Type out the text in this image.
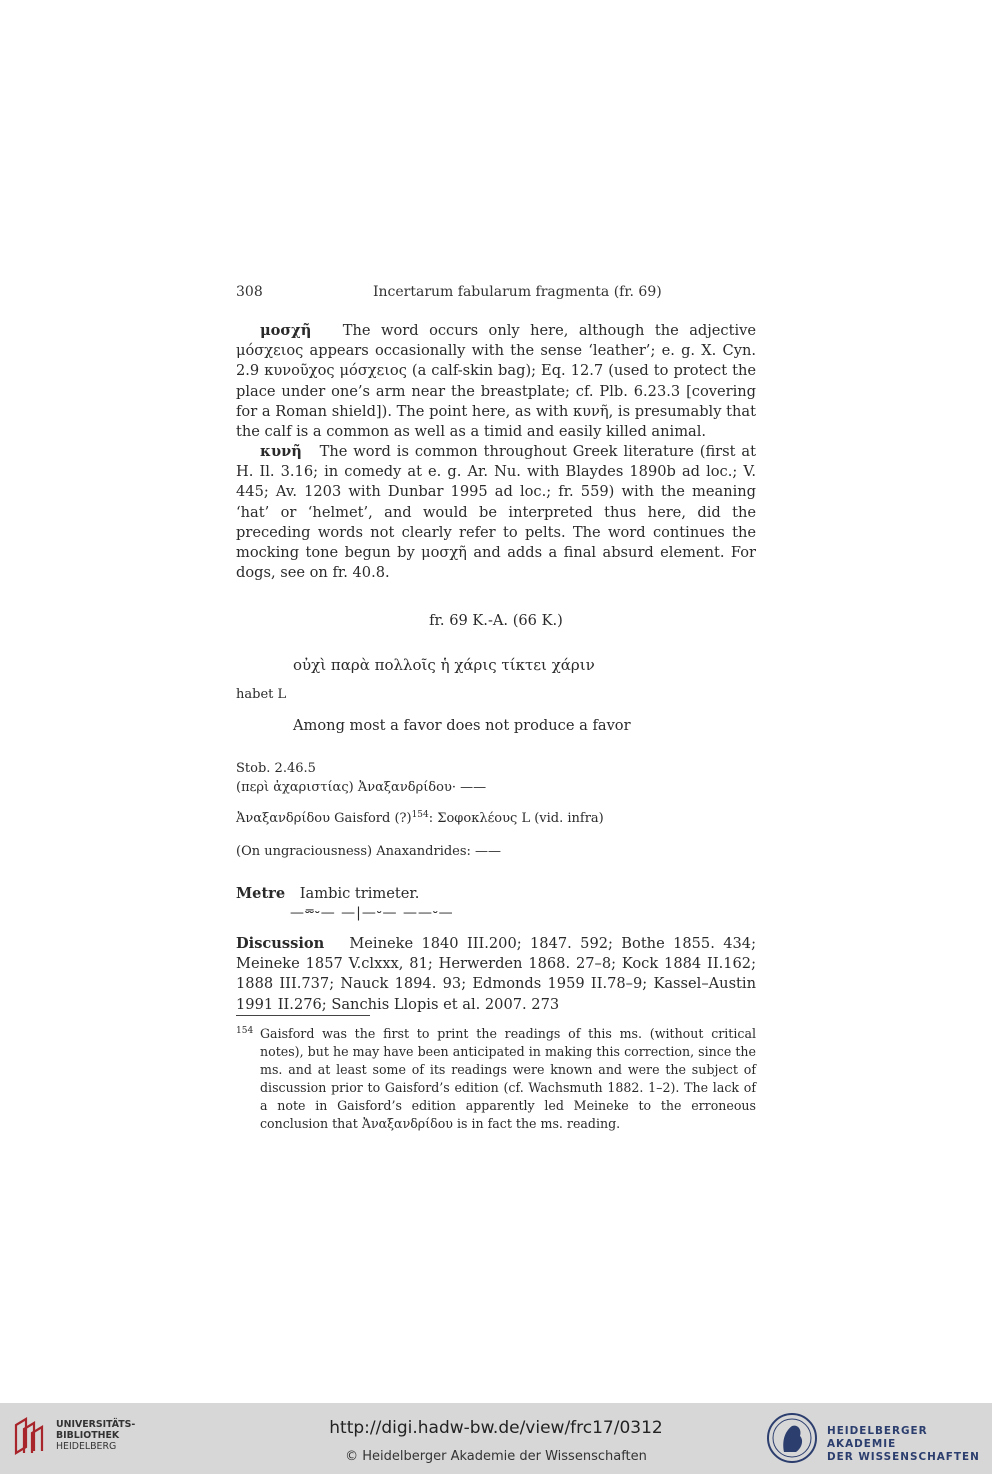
308	Incertarum fabularum fragmenta (fr. 69)

μοσχῆ The word occurs only here, although the adjective μόσχειος appears occasionally with the sense ‘leather’; e. g. X. Cyn. 2.9 κυνοῦχος μόσχειος (a calf-skin bag); Eq. 12.7 (used to protect the place under one’s arm near the breastplate; cf. Plb. 6.23.3 [covering for a Roman shield]). The point here, as with κυνῆ, is presumably that the calf is a common as well as a timid and easily killed animal.

κυνῆ The word is common throughout Greek literature (first at H. Il. 3.16; in comedy at e. g. Ar. Nu. with Blaydes 1890b ad loc.; V. 445; Av. 1203 with Dunbar 1995 ad loc.; fr. 559) with the meaning ‘hat’ or ‘helmet’, and would be interpreted thus here, did the preceding words not clearly refer to pelts. The word continues the mocking tone begun by μοσχῆ and adds a final absurd element. For dogs, see on fr. 40.8.

fr. 69 K.-A. (66 K.)
οὐχὶ παρὰ πολλοῖς ἡ χάρις τίκτει χάριν
habet L
Among most a favor does not produce a favor
Stob. 2.46.5
(περὶ ἀχαριστίας) Ἀναξανδρίδου· ——
Ἀναξανδρίδου Gaisford (?)$^{154}$: Σοφοκλέους L (vid. infra)
(On ungraciousness) Anaxandrides: ——
Metre Iambic trimeter.
—⏔⏑— —|—⏑— ——⏑—

Discussion Meineke 1840 III.200; 1847. 592; Bothe 1855. 434; Meineke 1857 V.clxxx, 81; Herwerden 1868. 27–8; Kock 1884 II.162; 1888 III.737; Nauck 1894. 93; Edmonds 1959 II.78–9; Kassel–Austin 1991 II.276; Sanchis Llopis et al. 2007. 273

154 Gaisford was the first to print the readings of this ms. (without critical notes), but he may have been anticipated in making this correction, since the ms. and at least some of its readings were known and were the subject of discussion prior to Gaisford’s edition (cf. Wachsmuth 1882. 1–2). The lack of a note in Gaisford’s edition apparently led Meineke to the erroneous conclusion that Ἀναξανδρίδου is in fact the ms. reading.
UNIVERSITÄTS-
BIBLIOTHEK
HEIDELBERG
http://digi.hadw-bw.de/view/frc17/0312
© Heidelberger Akademie der Wissenschaften
HEIDELBERGER AKADEMIE
DER WISSENSCHAFTEN
